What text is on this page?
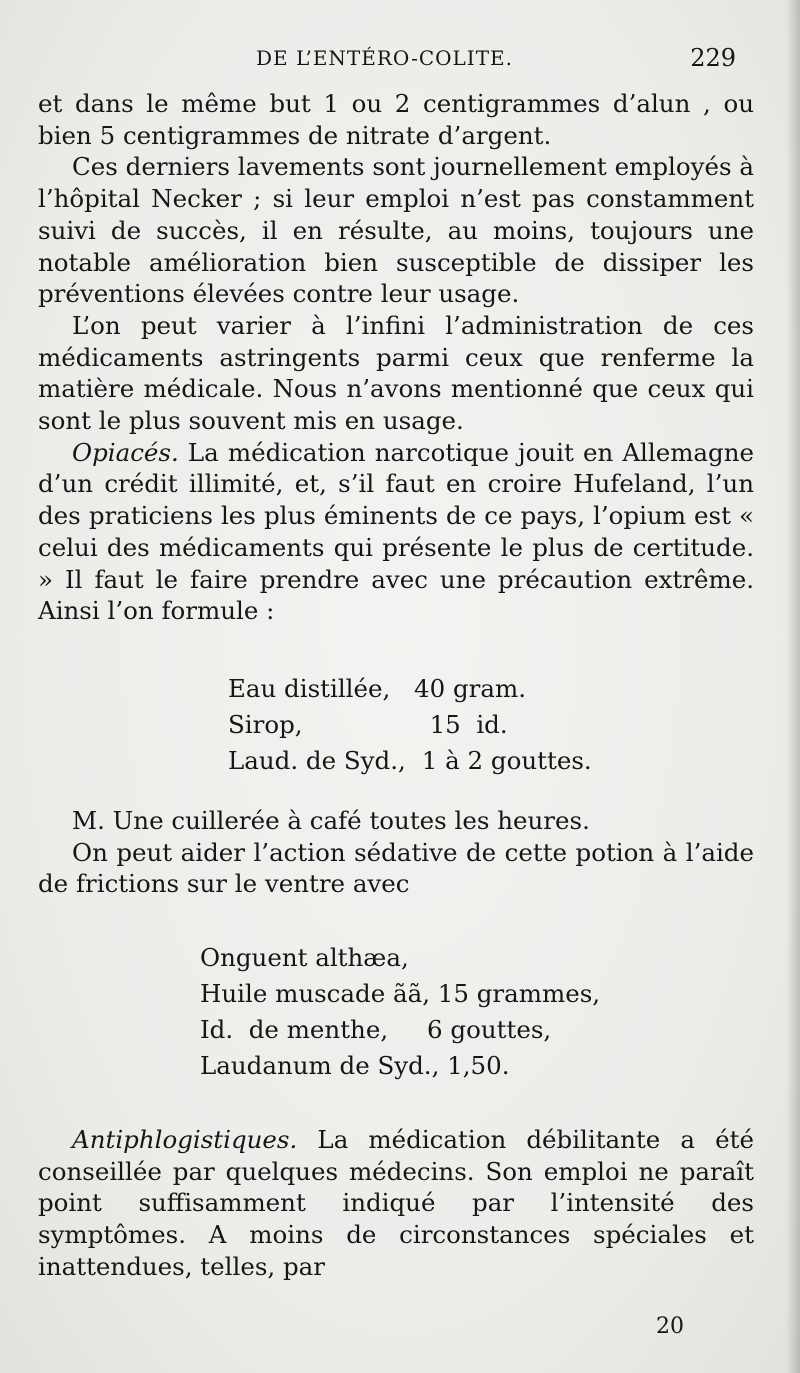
DE L’ENTÉRO-COLITE.	229

et dans le même but 1 ou 2 centigrammes d’alun , ou bien 5 centigrammes de nitrate d’argent.

Ces derniers lavements sont journellement employés à l’hôpital Necker ; si leur emploi n’est pas constamment suivi de succès, il en résulte, au moins, toujours une notable amélioration bien susceptible de dissiper les préventions élevées contre leur usage.

L’on peut varier à l’infini l’administration de ces médicaments astringents parmi ceux que renferme la matière médicale. Nous n’avons mentionné que ceux qui sont le plus souvent mis en usage.

Opiacés. La médication narcotique jouit en Allemagne d’un crédit illimité, et, s’il faut en croire Hufeland, l’un des praticiens les plus éminents de ce pays, l’opium est « celui des médicaments qui présente le plus de certitude. » Il faut le faire prendre avec une précaution extrême. Ainsi l’on formule :

Eau distillée, 40 gram.
Sirop,	15  id.
Laud. de Syd., 1 à 2 gouttes.

M. Une cuillerée à café toutes les heures.

On peut aider l’action sédative de cette potion à l’aide de frictions sur le ventre avec

Onguent althæa,
Huile muscade ãã, 15 grammes,
Id.  de menthe,     6 gouttes,
Laudanum de Syd., 1,50.

Antiphlogistiques. La médication débilitante a été conseillée par quelques médecins. Son emploi ne paraît point suffisamment indiqué par l’intensité des symptômes. A moins de circonstances spéciales et inattendues, telles, par

20
